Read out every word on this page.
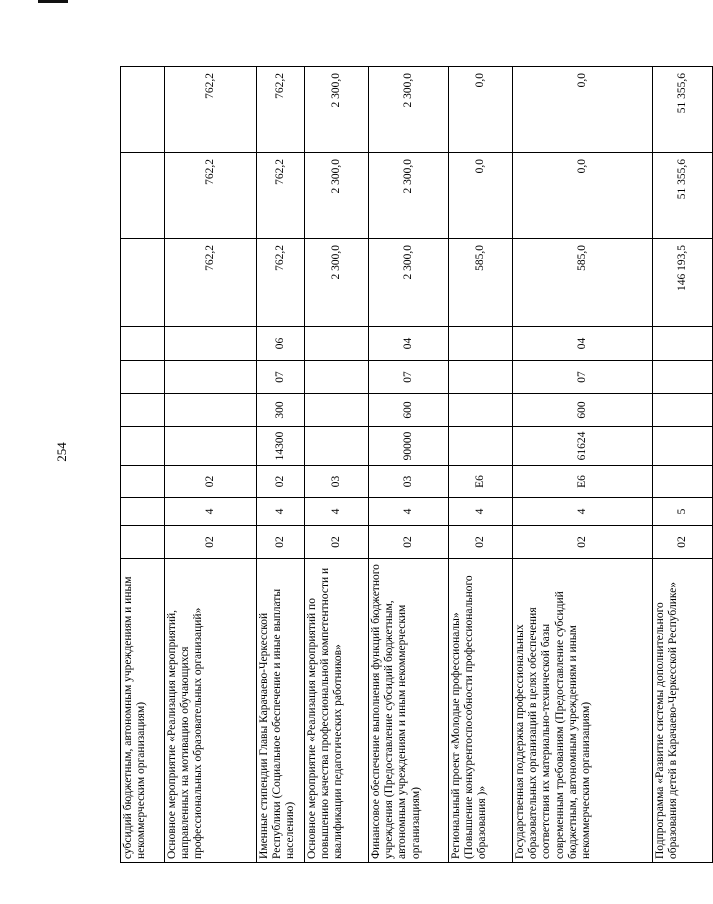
254
субсидий бюджетным, автономным учреждениям и иным некоммерческим организациям)										
Основное мероприятие «Реализация мероприятий, направленных на мотивацию обучающихся профессиональных образовательных организаций»	02	4	02					762,2	762,2	762,2
Именные стипендии Главы Карачаево-Черкесской Республики (Социальное обеспечение и иные выплаты населению)	02	4	02	14300	300	07	06	762,2	762,2	762,2
Основное мероприятие «Реализация мероприятий по повышению качества профессиональной компетентности и квалификации педагогических работников»	02	4	03					2 300,0	2 300,0	2 300,0
Финансовое обеспечение выполнения функций бюджетного учреждения (Предоставление субсидий бюджетным, автономным учреждениям и иным некоммерческим организациям)	02	4	03	90000	600	07	04	2 300,0	2 300,0	2 300,0
Региональный проект «Молодые профессионалы» (Повышение конкурентоспособности профессионального образования )»	02	4	Е6					585,0	0,0	0,0
Государственная поддержка профессиональных образовательных организаций в целях обеспечения соответствия их материально-технической базы современным требованиям (Предоставление субсидий бюджетным, автономным учреждениям и иным некоммерческим организациям)	02	4	Е6	61624	600	07	04	585,0	0,0	0,0
Подпрограмма «Развитие системы дополнительного образования детей в Карачаево-Черкесской Республике»	02	5						146 193,5	51 355,6	51 355,6
